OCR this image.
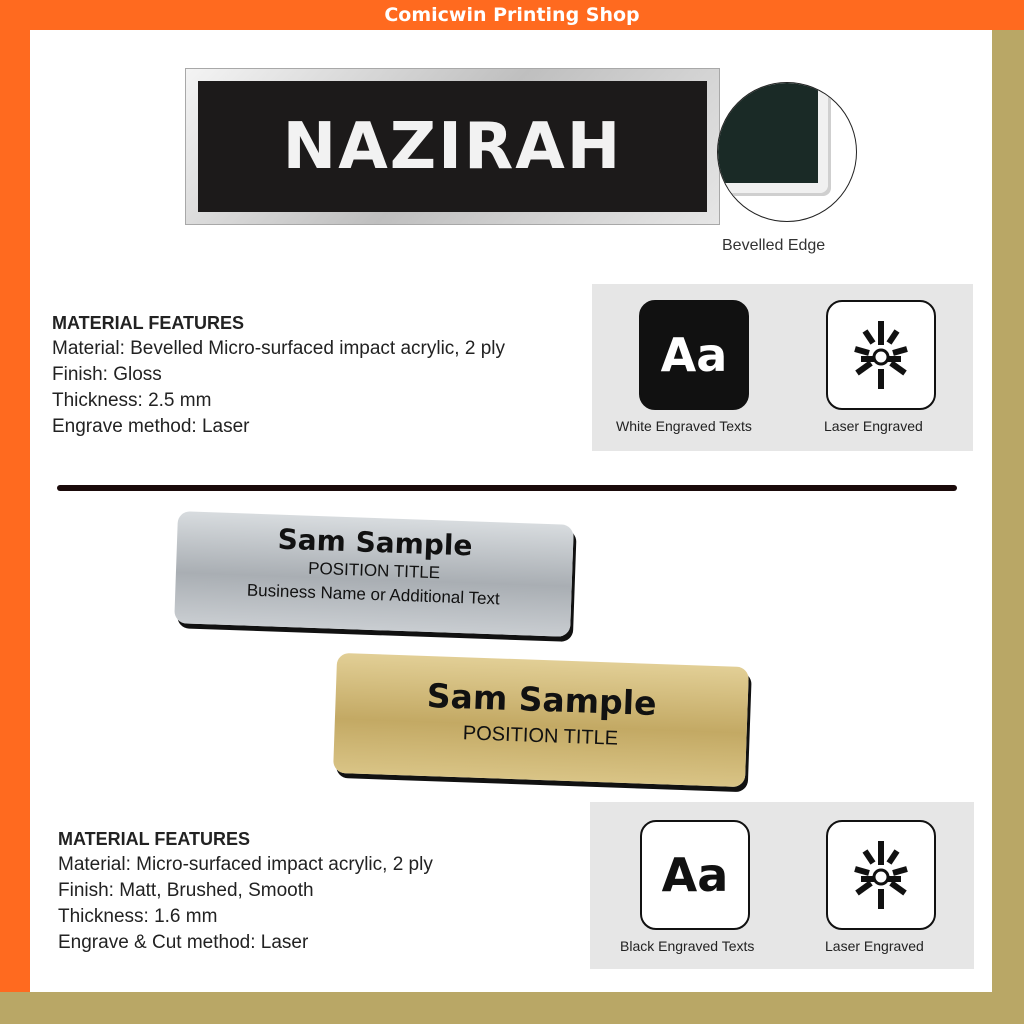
Comicwin Printing Shop
NAZIRAH
Bevelled Edge
MATERIAL FEATURES
Material: Bevelled Micro-surfaced impact acrylic, 2 ply
Finish: Gloss
Thickness: 2.5 mm
Engrave method: Laser
Aa
White Engraved Texts	Laser Engraved
Sam Sample
POSITION TITLE
Business Name or Additional Text
Sam Sample
POSITION TITLE
MATERIAL FEATURES
Material: Micro-surfaced impact acrylic, 2 ply
Finish: Matt, Brushed, Smooth
Thickness: 1.6 mm
Engrave & Cut method: Laser
Aa
Black Engraved Texts	Laser Engraved
